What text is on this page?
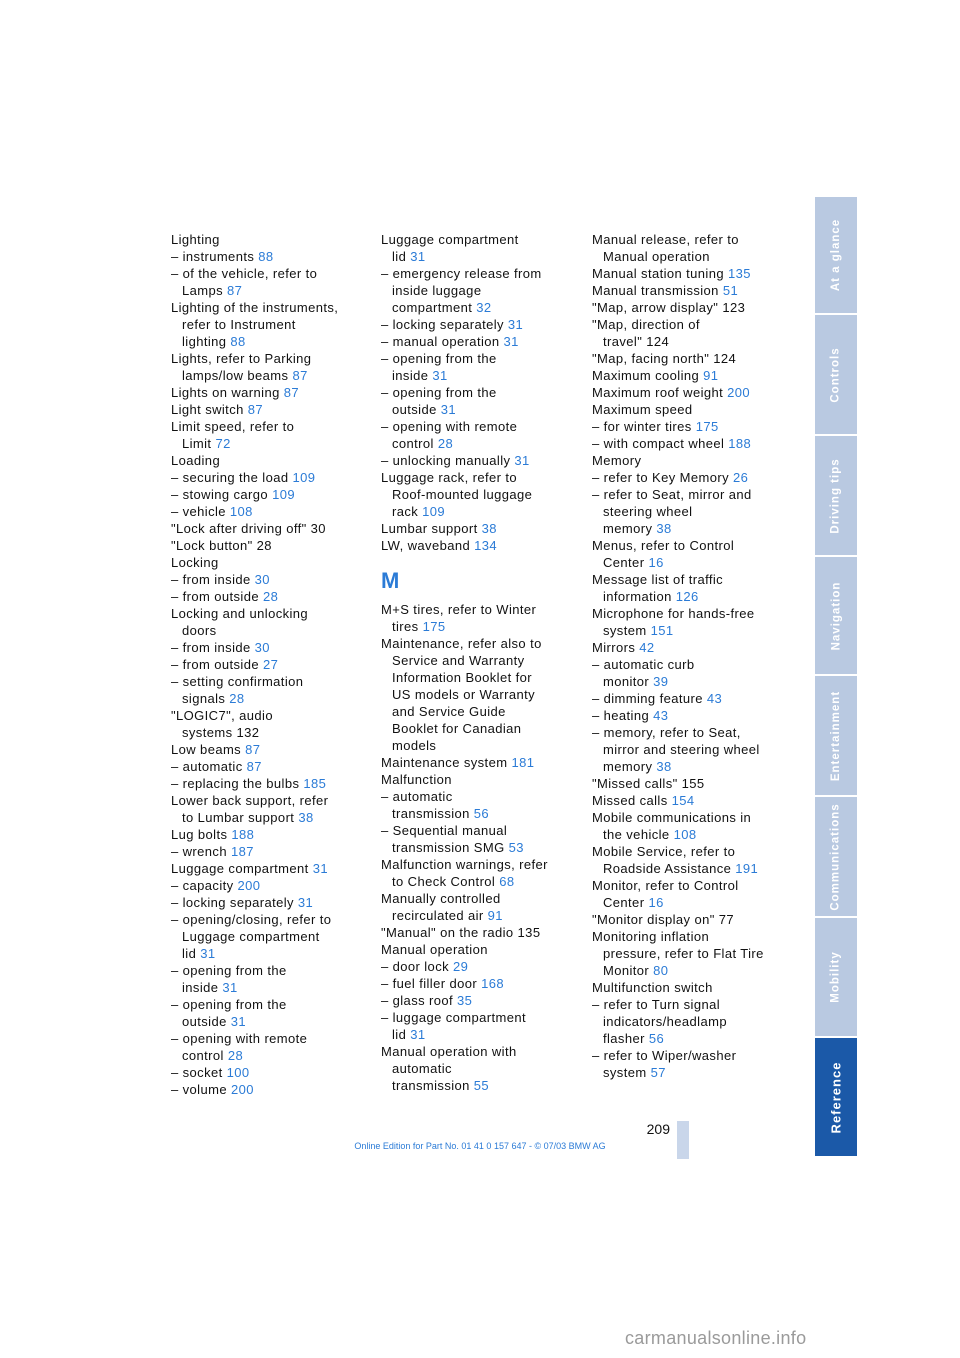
Lighting
– instruments 88
– of the vehicle, refer to
Lamps 87
Lighting of the instruments,
refer to Instrument
lighting 88
Lights, refer to Parking
lamps/low beams 87
Lights on warning 87
Light switch 87
Limit speed, refer to
Limit 72
Loading
– securing the load 109
– stowing cargo 109
– vehicle 108
"Lock after driving off" 30
"Lock button" 28
Locking
– from inside 30
– from outside 28
Locking and unlocking
doors
– from inside 30
– from outside 27
– setting confirmation
signals 28
"LOGIC7", audio
systems 132
Low beams 87
– automatic 87
– replacing the bulbs 185
Lower back support, refer
to Lumbar support 38
Lug bolts 188
– wrench 187
Luggage compartment 31
– capacity 200
– locking separately 31
– opening/closing, refer to
Luggage compartment
lid 31
– opening from the
inside 31
– opening from the
outside 31
– opening with remote
control 28
– socket 100
– volume 200
Luggage compartment
lid 31
– emergency release from
inside luggage
compartment 32
– locking separately 31
– manual operation 31
– opening from the
inside 31
– opening from the
outside 31
– opening with remote
control 28
– unlocking manually 31
Luggage rack, refer to
Roof-mounted luggage
rack 109
Lumbar support 38
LW, waveband 134
M
M+S tires, refer to Winter
tires 175
Maintenance, refer also to
Service and Warranty
Information Booklet for
US models or Warranty
and Service Guide
Booklet for Canadian
models
Maintenance system 181
Malfunction
– automatic
transmission 56
– Sequential manual
transmission SMG 53
Malfunction warnings, refer
to Check Control 68
Manually controlled
recirculated air 91
"Manual" on the radio 135
Manual operation
– door lock 29
– fuel filler door 168
– glass roof 35
– luggage compartment
lid 31
Manual operation with
automatic
transmission 55
Manual release, refer to
Manual operation
Manual station tuning 135
Manual transmission 51
"Map, arrow display" 123
"Map, direction of
travel" 124
"Map, facing north" 124
Maximum cooling 91
Maximum roof weight 200
Maximum speed
– for winter tires 175
– with compact wheel 188
Memory
– refer to Key Memory 26
– refer to Seat, mirror and
steering wheel
memory 38
Menus, refer to Control
Center 16
Message list of traffic
information 126
Microphone for hands-free
system 151
Mirrors 42
– automatic curb
monitor 39
– dimming feature 43
– heating 43
– memory, refer to Seat,
mirror and steering wheel
memory 38
"Missed calls" 155
Missed calls 154
Mobile communications in
the vehicle 108
Mobile Service, refer to
Roadside Assistance 191
Monitor, refer to Control
Center 16
"Monitor display on" 77
Monitoring inflation
pressure, refer to Flat Tire
Monitor 80
Multifunction switch
– refer to Turn signal
indicators/headlamp
flasher 56
– refer to Wiper/washer
system 57
At a glance
Controls
Driving tips
Navigation
Entertainment
Communications
Mobility
Reference
209
Online Edition for Part No. 01 41 0 157 647 - © 07/03 BMW AG
carmanualsonline.info
